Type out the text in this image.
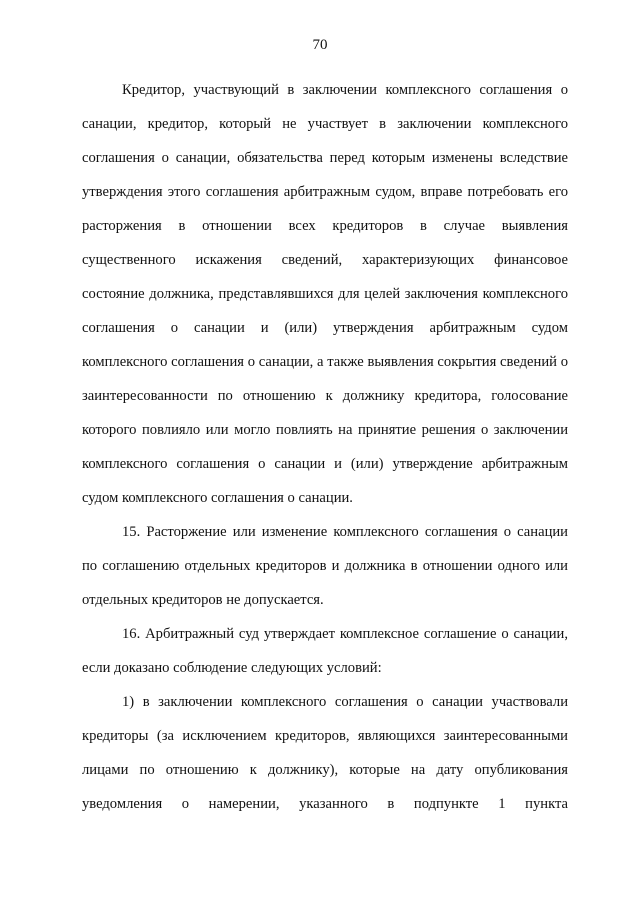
70

Кредитор, участвующий в заключении комплексного соглашения о санации, кредитор, который не участвует в заключении комплексного соглашения о санации, обязательства перед которым изменены вследствие утверждения этого соглашения арбитражным судом, вправе потребовать его расторжения в отношении всех кредиторов в случае выявления существенного искажения сведений, характеризующих финансовое состояние должника, представлявшихся для целей заключения комплексного соглашения о санации и (или) утверждения арбитражным судом комплексного соглашения о санации, а также выявления сокрытия сведений о заинтересованности по отношению к должнику кредитора, голосование которого повлияло или могло повлиять на принятие решения о заключении комплексного соглашения о санации и (или) утверждение арбитражным судом комплексного соглашения о санации.

15. Расторжение или изменение комплексного соглашения о санации по соглашению отдельных кредиторов и должника в отношении одного или отдельных кредиторов не допускается.

16. Арбитражный суд утверждает комплексное соглашение о санации, если доказано соблюдение следующих условий:

1) в заключении комплексного соглашения о санации участвовали кредиторы (за исключением кредиторов, являющихся заинтересованными лицами по отношению к должнику), которые на дату опубликования уведомления о намерении, указанного в подпункте 1 пункта
